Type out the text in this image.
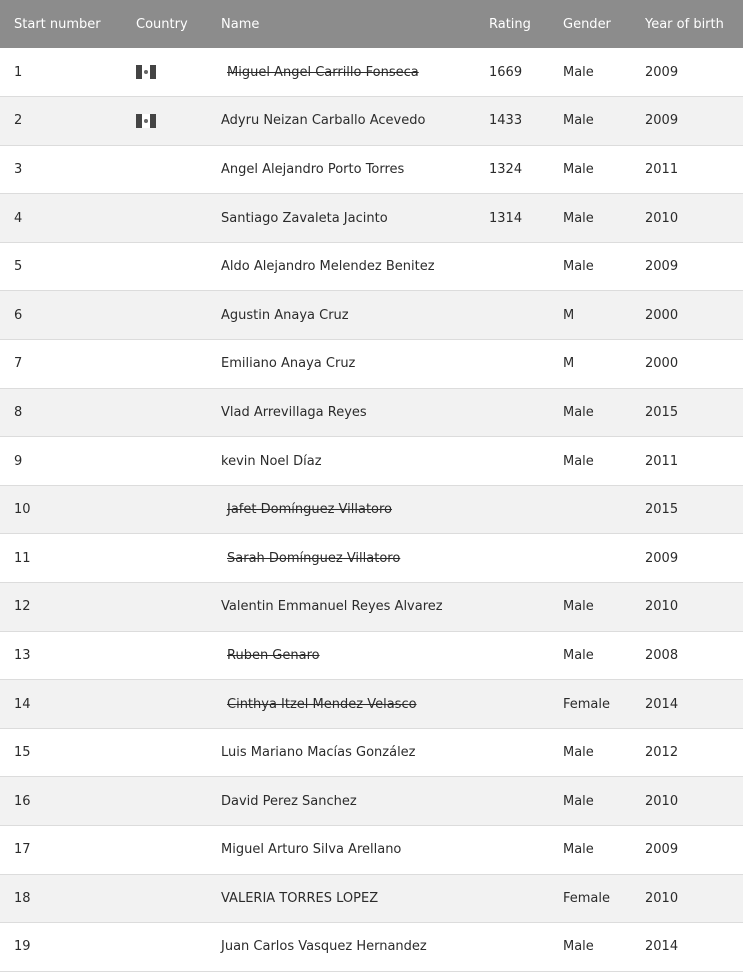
Start number	Country	Name	Rating	Gender	Year of birth
1		Miguel Angel Carrillo Fonseca	1669	Male	2009
2		Adyru Neizan Carballo Acevedo	1433	Male	2009
3		Angel Alejandro Porto Torres	1324	Male	2011
4		Santiago Zavaleta Jacinto	1314	Male	2010
5		Aldo Alejandro Melendez Benitez		Male	2009
6		Agustin Anaya Cruz		M	2000
7		Emiliano Anaya Cruz		M	2000
8		Vlad Arrevillaga Reyes		Male	2015
9		kevin Noel Díaz		Male	2011
10		Jafet Domínguez Villatoro			2015
11		Sarah Domínguez Villatoro			2009
12		Valentin Emmanuel Reyes Alvarez		Male	2010
13		Ruben Genaro		Male	2008
14		Cinthya Itzel Mendez Velasco		Female	2014
15		Luis Mariano Macías González		Male	2012
16		David Perez Sanchez		Male	2010
17		Miguel Arturo Silva Arellano		Male	2009
18		VALERIA TORRES LOPEZ		Female	2010
19		Juan Carlos Vasquez Hernandez		Male	2014
